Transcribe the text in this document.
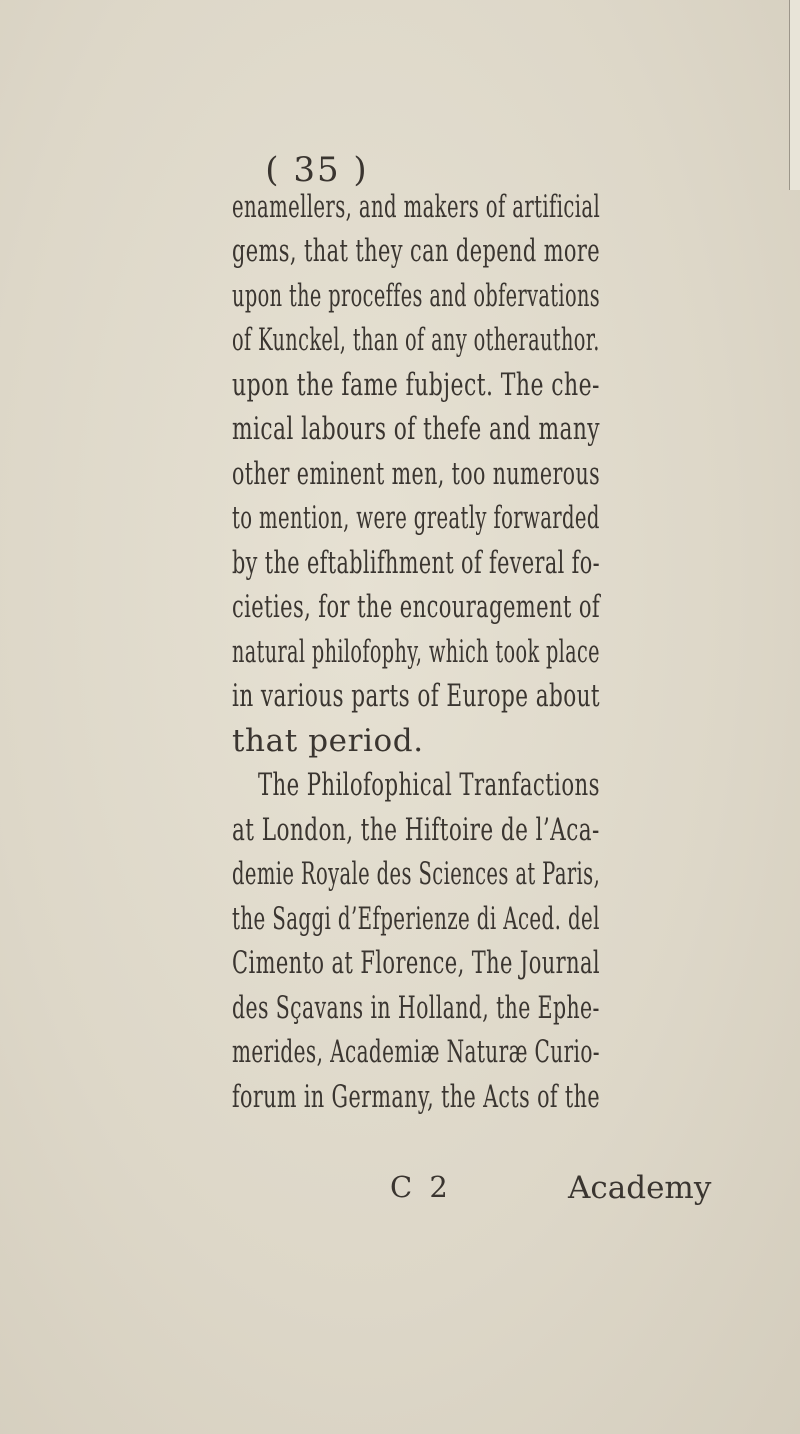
( 35 )
enamellers, and makers of artificial
gems, that they can depend more
upon the proceffes and obfervations
of Kunckel, than of any otherauthor.
upon the fame fubject. The che-
mical labours of thefe and many
other eminent men, too numerous
to mention, were greatly forwarded
by the eftablifhment of feveral fo-
cieties, for the encouragement of
natural philofophy, which took place
in various parts of Europe about
that period.
The Philofophical Tranfactions
at London, the Hiftoire de l’Aca-
demie Royale des Sciences at Paris,
the Saggi d’Efperienze di Aced. del
Cimento at Florence, The Journal
des Sçavans in Holland, the Ephe-
merides, Academiæ Naturæ Curio-
forum in Germany, the Acts of the
C 2	Academy
